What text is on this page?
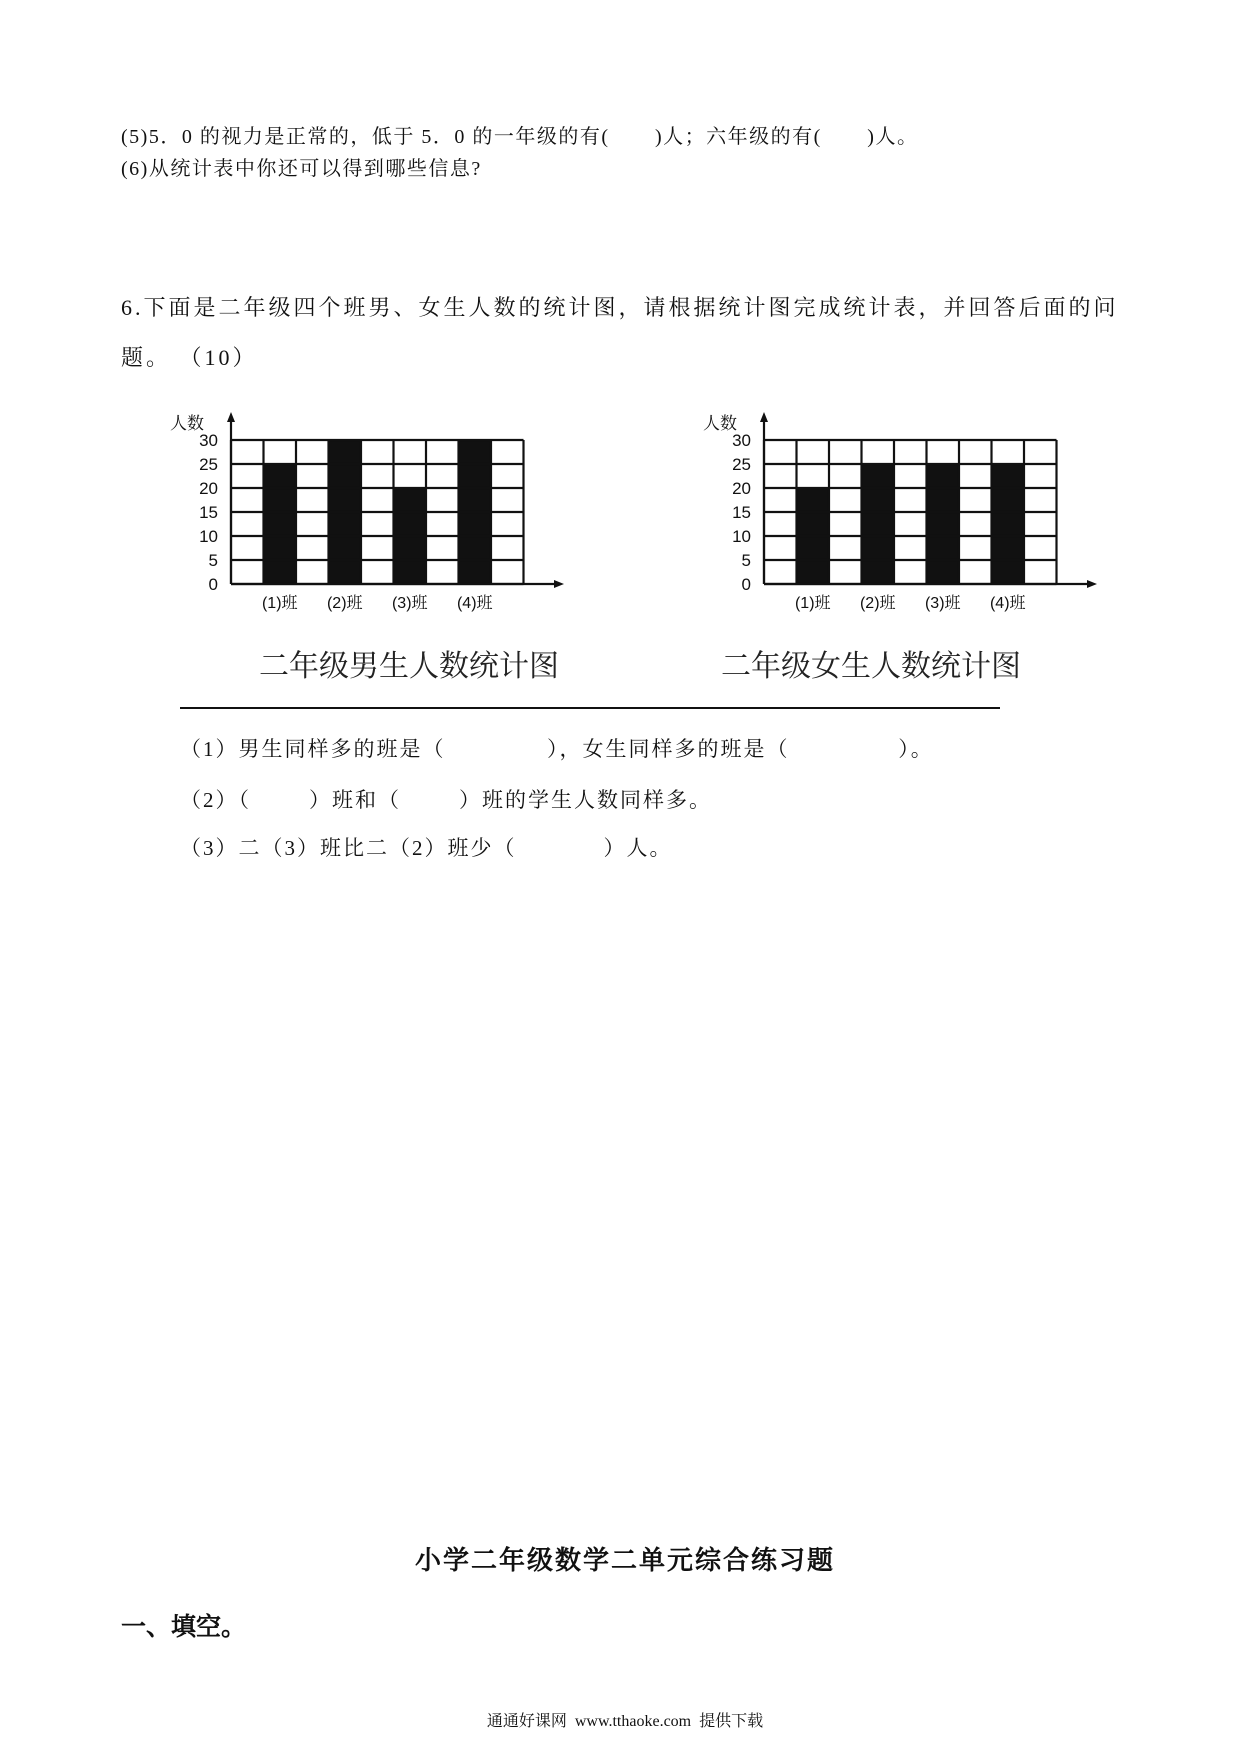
(5)5．0 的视力是正常的，低于 5．0 的一年级的有(       )人；六年级的有(       )人。
(6)从统计表中你还可以得到哪些信息?
6.下面是二年级四个班男、女生人数的统计图，请根据统计图完成统计表，并回答后面的问
题。 （10）
0
5
10
15
20
25
30
人数
(1)班 (2)班 (3)班 (4)班
二年级男生人数统计图
0
5
10
15
20
25
30
人数
(1)班 (2)班 (3)班 (4)班
二年级女生人数统计图
（1）男生同样多的班是（              ），女生同样多的班是（               ）。
（2）（        ）班和（        ）班的学生人数同样多。
（3）二（3）班比二（2）班少（            ）人。
小学二年级数学二单元综合练习题
一、填空。
通通好课网  www.tthaoke.com  提供下载
